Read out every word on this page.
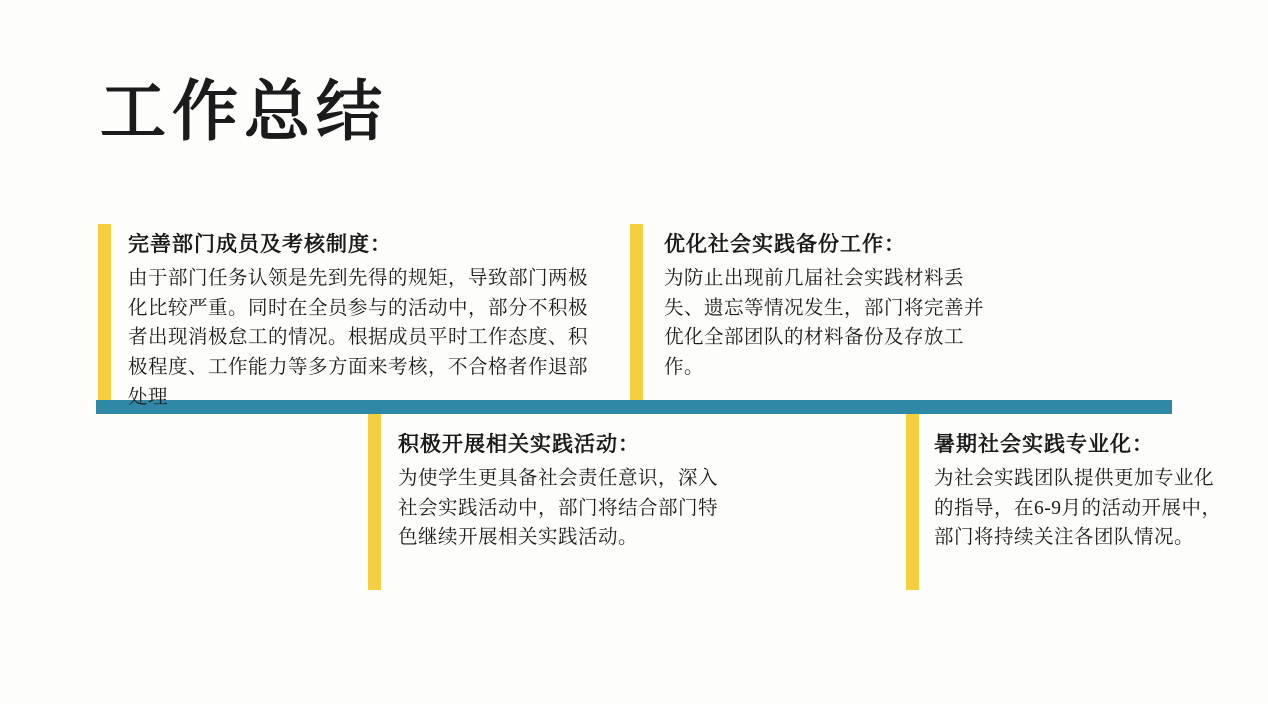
工作总结
完善部门成员及考核制度：
由于部门任务认领是先到先得的规矩，导致部门两极化比较严重。同时在全员参与的活动中，部分不积极者出现消极怠工的情况。根据成员平时工作态度、积极程度、工作能力等多方面来考核，不合格者作退部处理
优化社会实践备份工作：
为防止出现前几届社会实践材料丢失、遗忘等情况发生，部门将完善并优化全部团队的材料备份及存放工作。
积极开展相关实践活动：
为使学生更具备社会责任意识，深入社会实践活动中，部门将结合部门特色继续开展相关实践活动。
暑期社会实践专业化：
为社会实践团队提供更加专业化的指导，在6-9月的活动开展中，部门将持续关注各团队情况。
